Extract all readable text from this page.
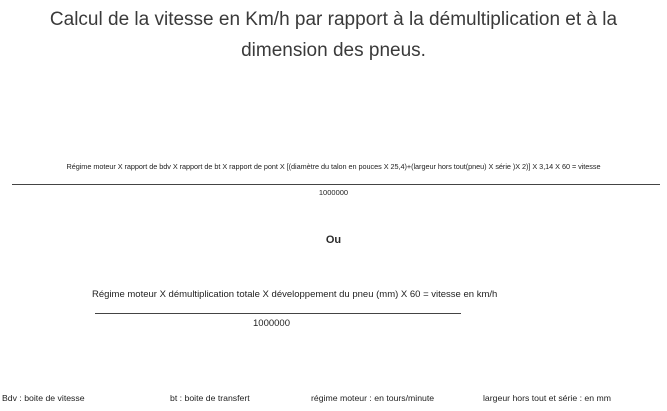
Calcul de la vitesse en Km/h par rapport à la démultiplication et à la
dimension des pneus.
Régime moteur X rapport de bdv X rapport de bt X rapport de pont X [(diamètre du talon en pouces X 25,4)+(largeur hors tout(pneu) X série )X 2)] X 3,14 X 60 = vitesse
1000000
Ou
Régime moteur X démultiplication totale X développement du pneu (mm) X 60 = vitesse en km/h
1000000
Bdv : boite de vitesse	bt : boite de transfert	régime moteur : en tours/minute	largeur hors tout et série : en mm
